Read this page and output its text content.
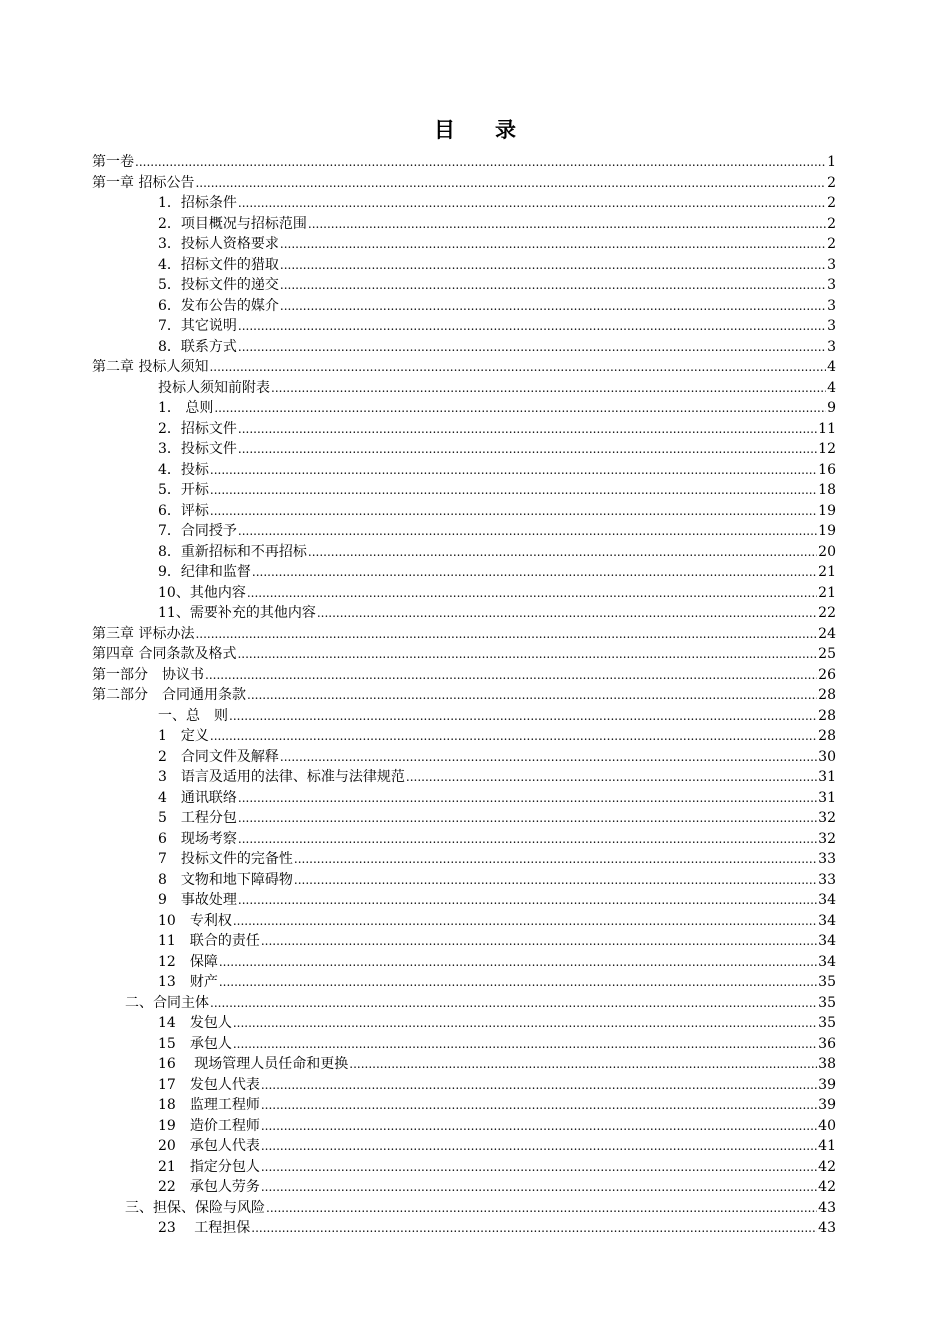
目 录
第一卷 .....	1
第一章 招标公告 .....	2
1．招标条件 .....	2
2．项目概况与招标范围 .....	2
3．投标人资格要求 .....	2
4．招标文件的猎取 .....	3
5．投标文件的递交 .....	3
6．发布公告的媒介 .....	3
7．其它说明 .....	3
8．联系方式 .....	3
第二章 投标人须知 .....	4
投标人须知前附表 .....	4
1． 总则 .....	9
2．招标文件 .....	11
3．投标文件 .....	12
4．投标 .....	16
5．开标 .....	18
6．评标 .....	19
7．合同授予 .....	19
8．重新招标和不再招标 .....	20
9．纪律和监督 .....	21
10、其他内容 .....	21
11、需要补充的其他内容 .....	22
第三章 评标办法 .....	24
第四章 合同条款及格式 .....	25
第一部分　协议书 .....	26
第二部分　合同通用条款 .....	28
一、总　则 .....	28
1　定义 .....	28
2　合同文件及解释 .....	30
3　语言及适用的法律、标准与法律规范 .....	31
4　通讯联络 .....	31
5　工程分包 .....	32
6　现场考察 .....	32
7　投标文件的完备性 .....	33
8　文物和地下障碍物 .....	33
9　事故处理 .....	34
10　专利权 .....	34
11　联合的责任 .....	34
12　保障 .....	34
13　财产 .....	35
二、合同主体 .....	35
14　发包人 .....	35
15　承包人 .....	36
16　 现场管理人员任命和更换 .....	38
17　发包人代表 .....	39
18　监理工程师 .....	39
19　造价工程师 .....	40
20　承包人代表 .....	41
21　指定分包人 .....	42
22　承包人劳务 .....	42
三、担保、保险与风险 .....	43
23　 工程担保 .....	43
